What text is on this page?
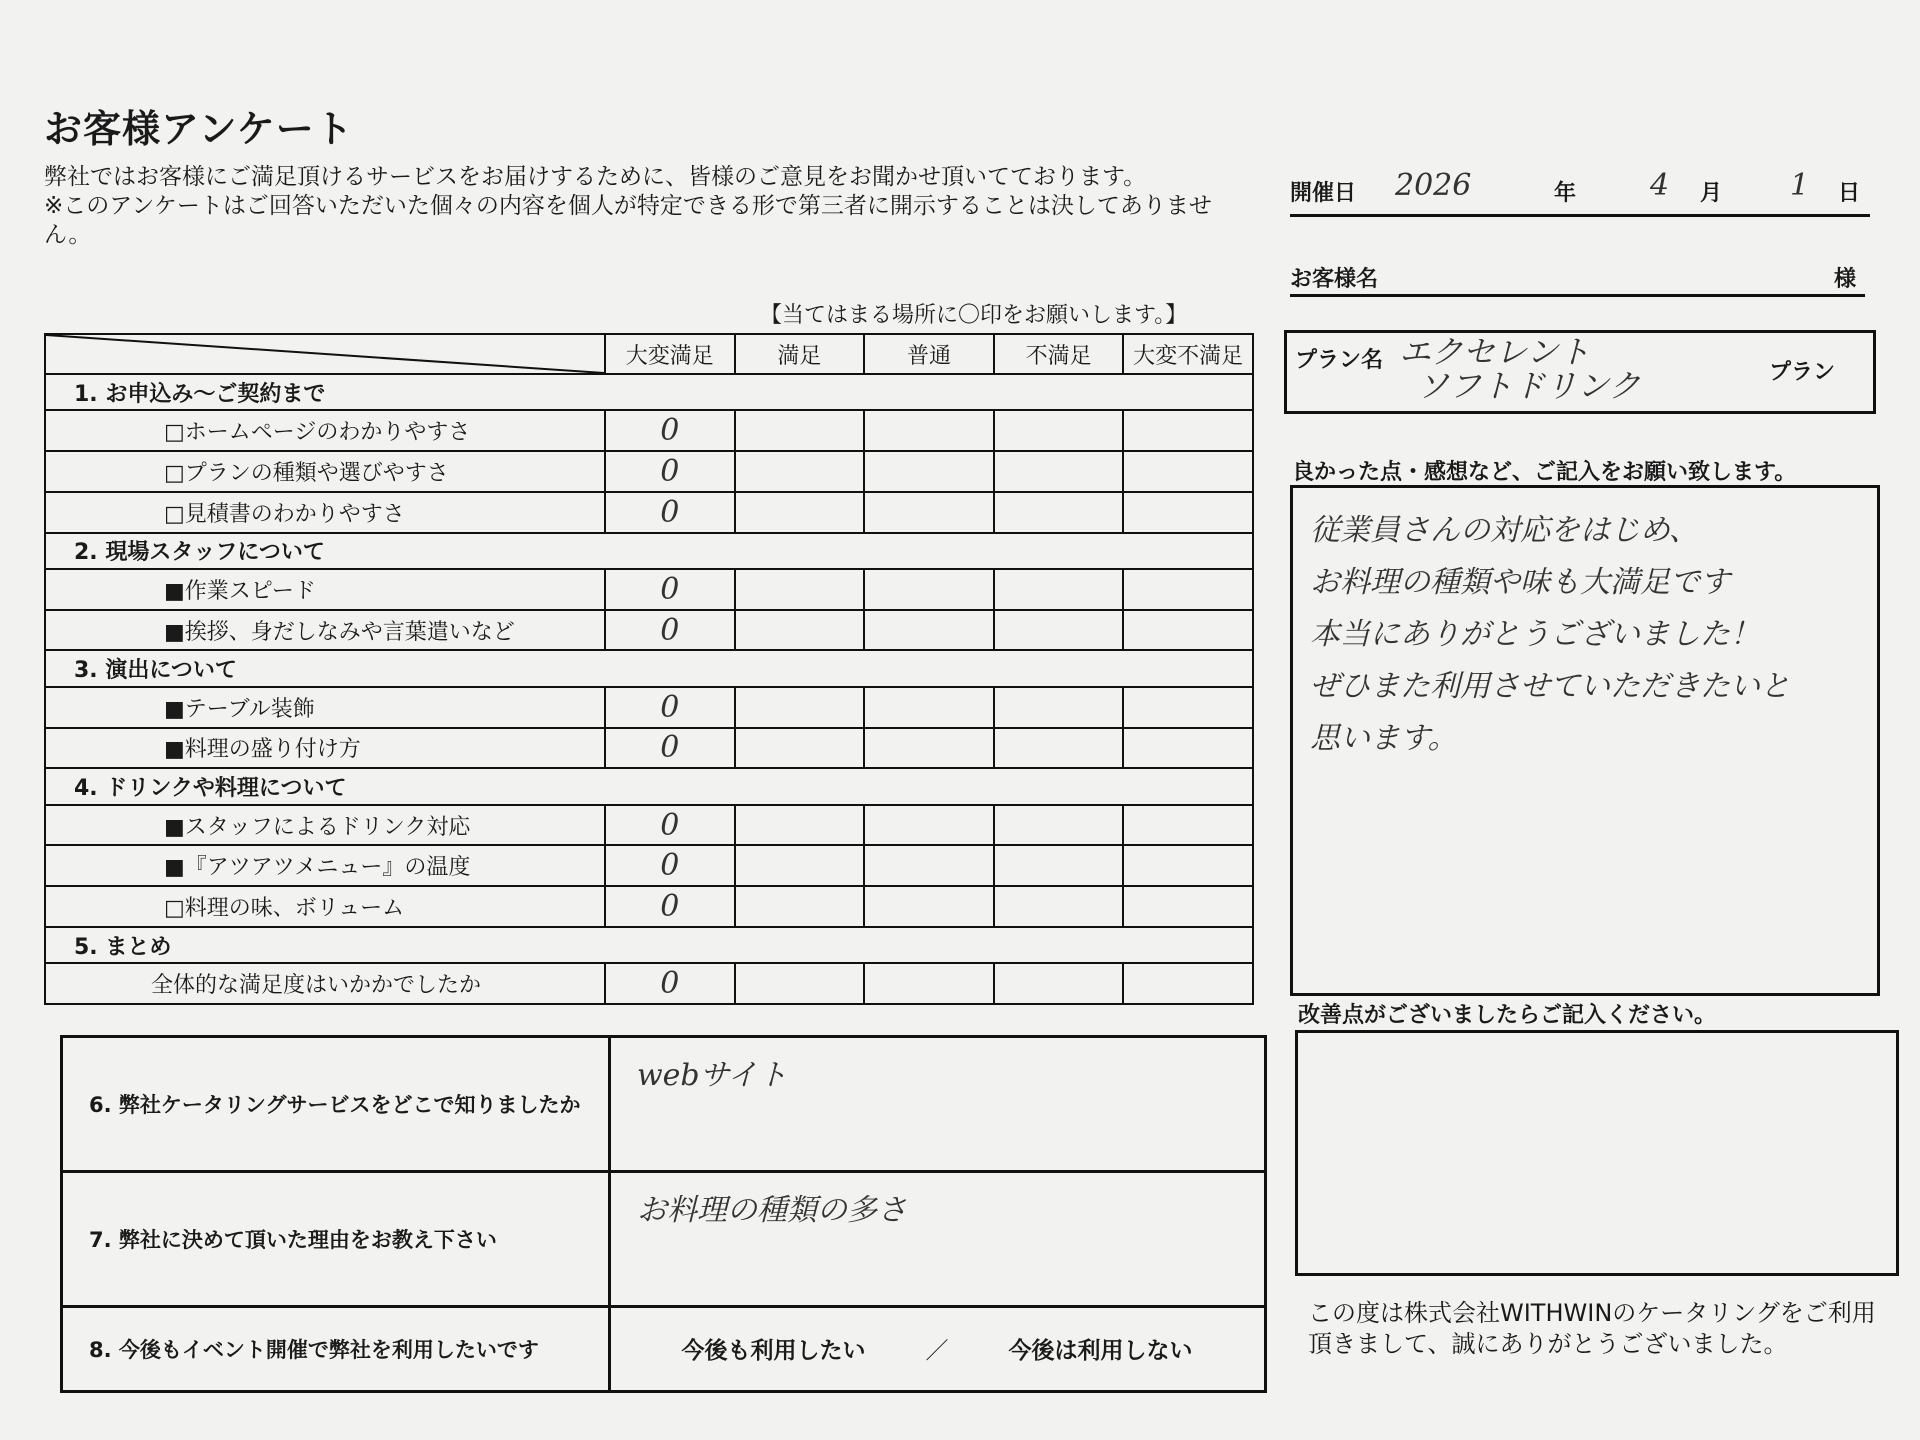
お客様アンケート
弊社ではお客様にご満足頂けるサービスをお届けするために、皆様のご意見をお聞かせ頂いてております。
※このアンケートはご回答いただいた個々の内容を個人が特定できる形で第三者に開示することは決してありません。
【当てはまる場所に〇印をお願いします。】
	大変満足	満足	普通	不満足	大変不満足
1. お申込み～ご契約まで					
□ホームページのわかりやすさ	0				
□プランの種類や選びやすさ	0				
□見積書のわかりやすさ	0				
2. 現場スタッフについて					
■作業スピード	0				
■挨拶、身だしなみや言葉遣いなど	0				
3. 演出について					
■テーブル装飾	0				
■料理の盛り付け方	0				
4. ドリンクや料理について					
■スタッフによるドリンク対応	0				
■『アツアツメニュー』の温度	0				
□料理の味、ボリューム	0				
5. まとめ					
全体的な満足度はいかかでしたか	0				
6. 弊社ケータリングサービスをどこで知りましたか	webサイト
7. 弊社に決めて頂いた理由をお教え下さい	お料理の種類の多さ
8. 今後もイベント開催で弊社を利用したいです	今後も利用したい ／ 今後は利用しない
開催日 2026	年 4 月 1 日
お客様名	様
プラン名 エクセレント
ソフトドリンク	プラン
良かった点・感想など、ご記入をお願い致します。
従業員さんの対応をはじめ、
お料理の種類や味も大満足です
本当にありがとうございました！
ぜひまた利用させていただきたいと
思います。
改善点がございましたらご記入ください。
この度は株式会社WITHWINのケータリングをご利用頂きまして、誠にありがとうございました。
